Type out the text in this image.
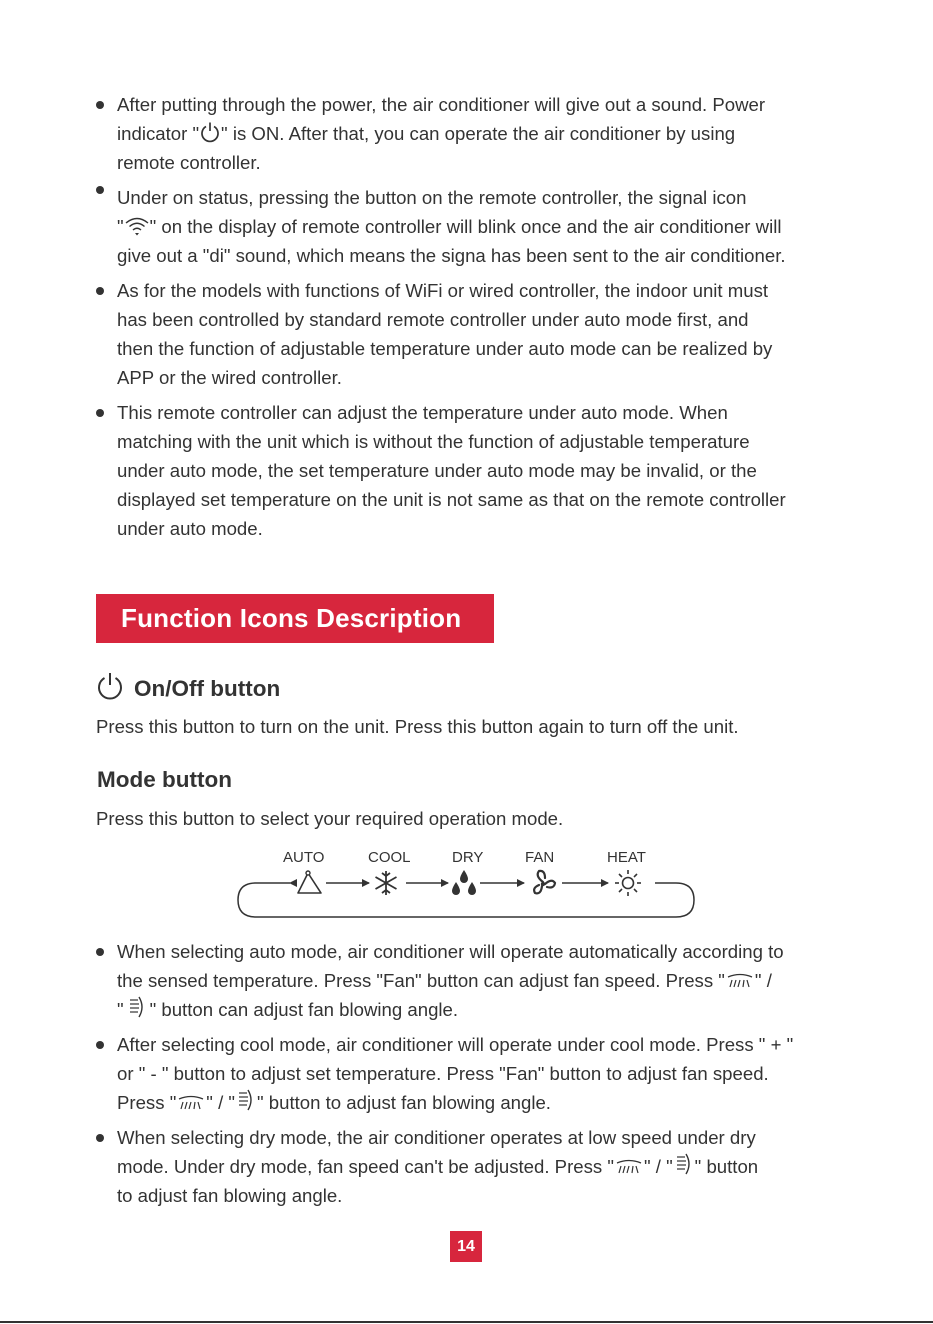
After putting through the power, the air conditioner will give out a sound. Power
indicator " " is ON. After that, you can operate the air conditioner by using
remote controller.
Under on status, pressing the button on the remote controller, the signal icon
" " on the display of remote controller will blink once and the air conditioner will
give out a "di" sound, which means the signa has been sent to the air conditioner.
As for the models with functions of WiFi or wired controller, the indoor unit must
has been controlled by standard remote controller under auto mode first, and
then the function of adjustable temperature under auto mode can be realized by
APP or the wired controller.
This remote controller can adjust the temperature under auto mode. When
matching with the unit which is without the function of adjustable temperature
under auto mode, the set temperature under auto mode may be invalid, or the
displayed set temperature on the unit is not same as that on the remote controller
under auto mode.
Function Icons Description
On/Off button
Press this button to turn on the unit. Press this button again to turn off the unit.
Mode button
Press this button to select your required operation mode.
AUTO	COOL	DRY	FAN	HEAT
When selecting auto mode, air conditioner will operate automatically according to
the sensed temperature. Press "Fan" button can adjust fan speed. Press " " /
" " button can adjust fan blowing angle.
After selecting cool mode, air conditioner will operate under cool mode. Press " + "
or " - " button to adjust set temperature. Press "Fan" button to adjust fan speed.
Press " " / " " button to adjust fan blowing angle.
When selecting dry mode, the air conditioner operates at low speed under dry
mode. Under dry mode, fan speed can't be adjusted. Press " " / " " button
to adjust fan blowing angle.
14
